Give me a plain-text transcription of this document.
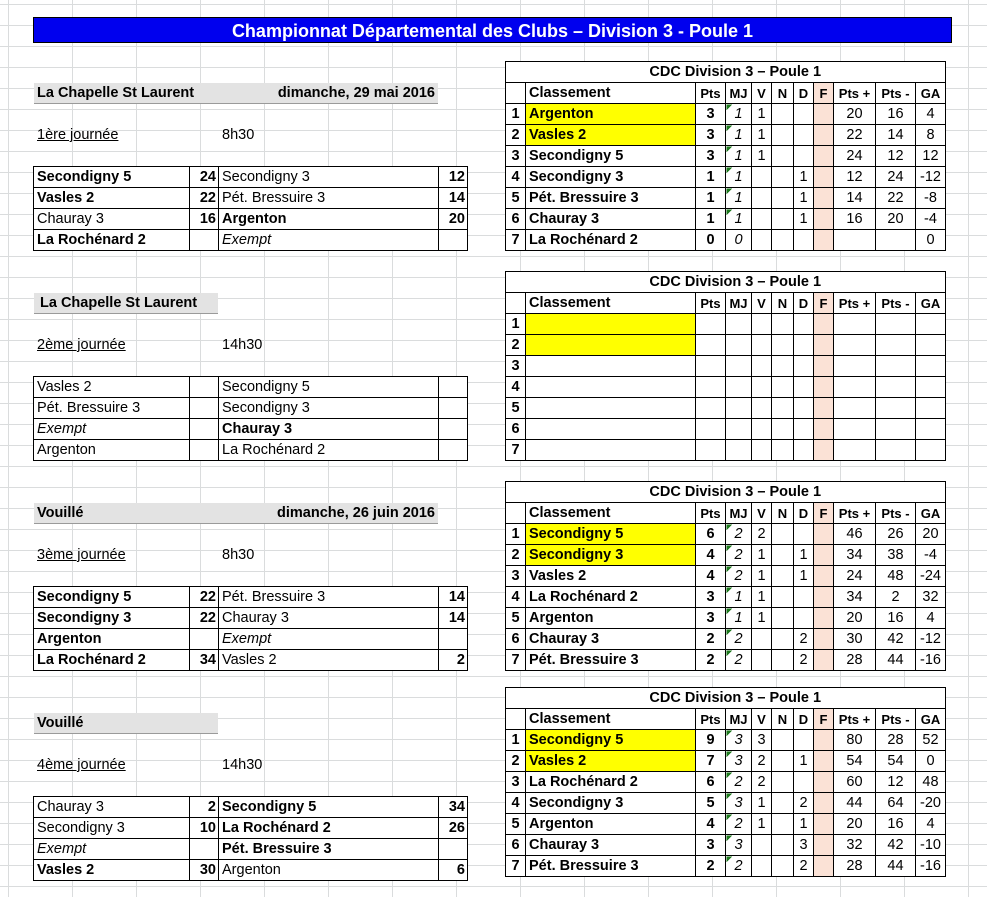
Championnat Départemental des Clubs – Division 3 - Poule 1
La Chapelle St Laurent	dimanche, 29 mai 2016
1ère journée	8h30
Secondigny 5	24	Secondigny 3	12
Vasles 2	22	Pét. Bressuire 3	14
Chauray 3	16	Argenton	20
La Rochénard 2		Exempt	
La Chapelle St Laurent
2ème journée	14h30
Vasles 2		Secondigny 5	
Pét. Bressuire 3		Secondigny 3	
Exempt		Chauray 3	
Argenton		La Rochénard 2	
Vouillé	dimanche, 26 juin 2016
3ème journée	8h30
Secondigny 5	22	Pét. Bressuire 3	14
Secondigny 3	22	Chauray 3	14
Argenton		Exempt	
La Rochénard 2	34	Vasles 2	2
Vouillé
4ème journée	14h30
Chauray 3	2	Secondigny 5	34
Secondigny 3	10	La Rochénard 2	26
Exempt		Pét. Bressuire 3	
Vasles 2	30	Argenton	6
	CDC Division 3 – Poule 1									
	Classement	Pts	MJ	V	N	D	F	Pts +	Pts -	GA
1	Argenton	3	1	1				20	16	4
2	Vasles 2	3	1	1				22	14	8
3	Secondigny 5	3	1	1				24	12	12
4	Secondigny 3	1	1			1		12	24	-12
5	Pét. Bressuire 3	1	1			1		14	22	-8
6	Chauray 3	1	1			1		16	20	-4
7	La Rochénard 2	0	0							0
	CDC Division 3 – Poule 1									
	Classement	Pts	MJ	V	N	D	F	Pts +	Pts -	GA
1										
2										
3										
4										
5										
6										
7										
	CDC Division 3 – Poule 1									
	Classement	Pts	MJ	V	N	D	F	Pts +	Pts -	GA
1	Secondigny 5	6	2	2				46	26	20
2	Secondigny 3	4	2	1		1		34	38	-4
3	Vasles 2	4	2	1		1		24	48	-24
4	La Rochénard 2	3	1	1				34	2	32
5	Argenton	3	1	1				20	16	4
6	Chauray 3	2	2			2		30	42	-12
7	Pét. Bressuire 3	2	2			2		28	44	-16
	CDC Division 3 – Poule 1									
	Classement	Pts	MJ	V	N	D	F	Pts +	Pts -	GA
1	Secondigny 5	9	3	3				80	28	52
2	Vasles 2	7	3	2		1		54	54	0
3	La Rochénard 2	6	2	2				60	12	48
4	Secondigny 3	5	3	1		2		44	64	-20
5	Argenton	4	2	1		1		20	16	4
6	Chauray 3	3	3			3		32	42	-10
7	Pét. Bressuire 3	2	2			2		28	44	-16
